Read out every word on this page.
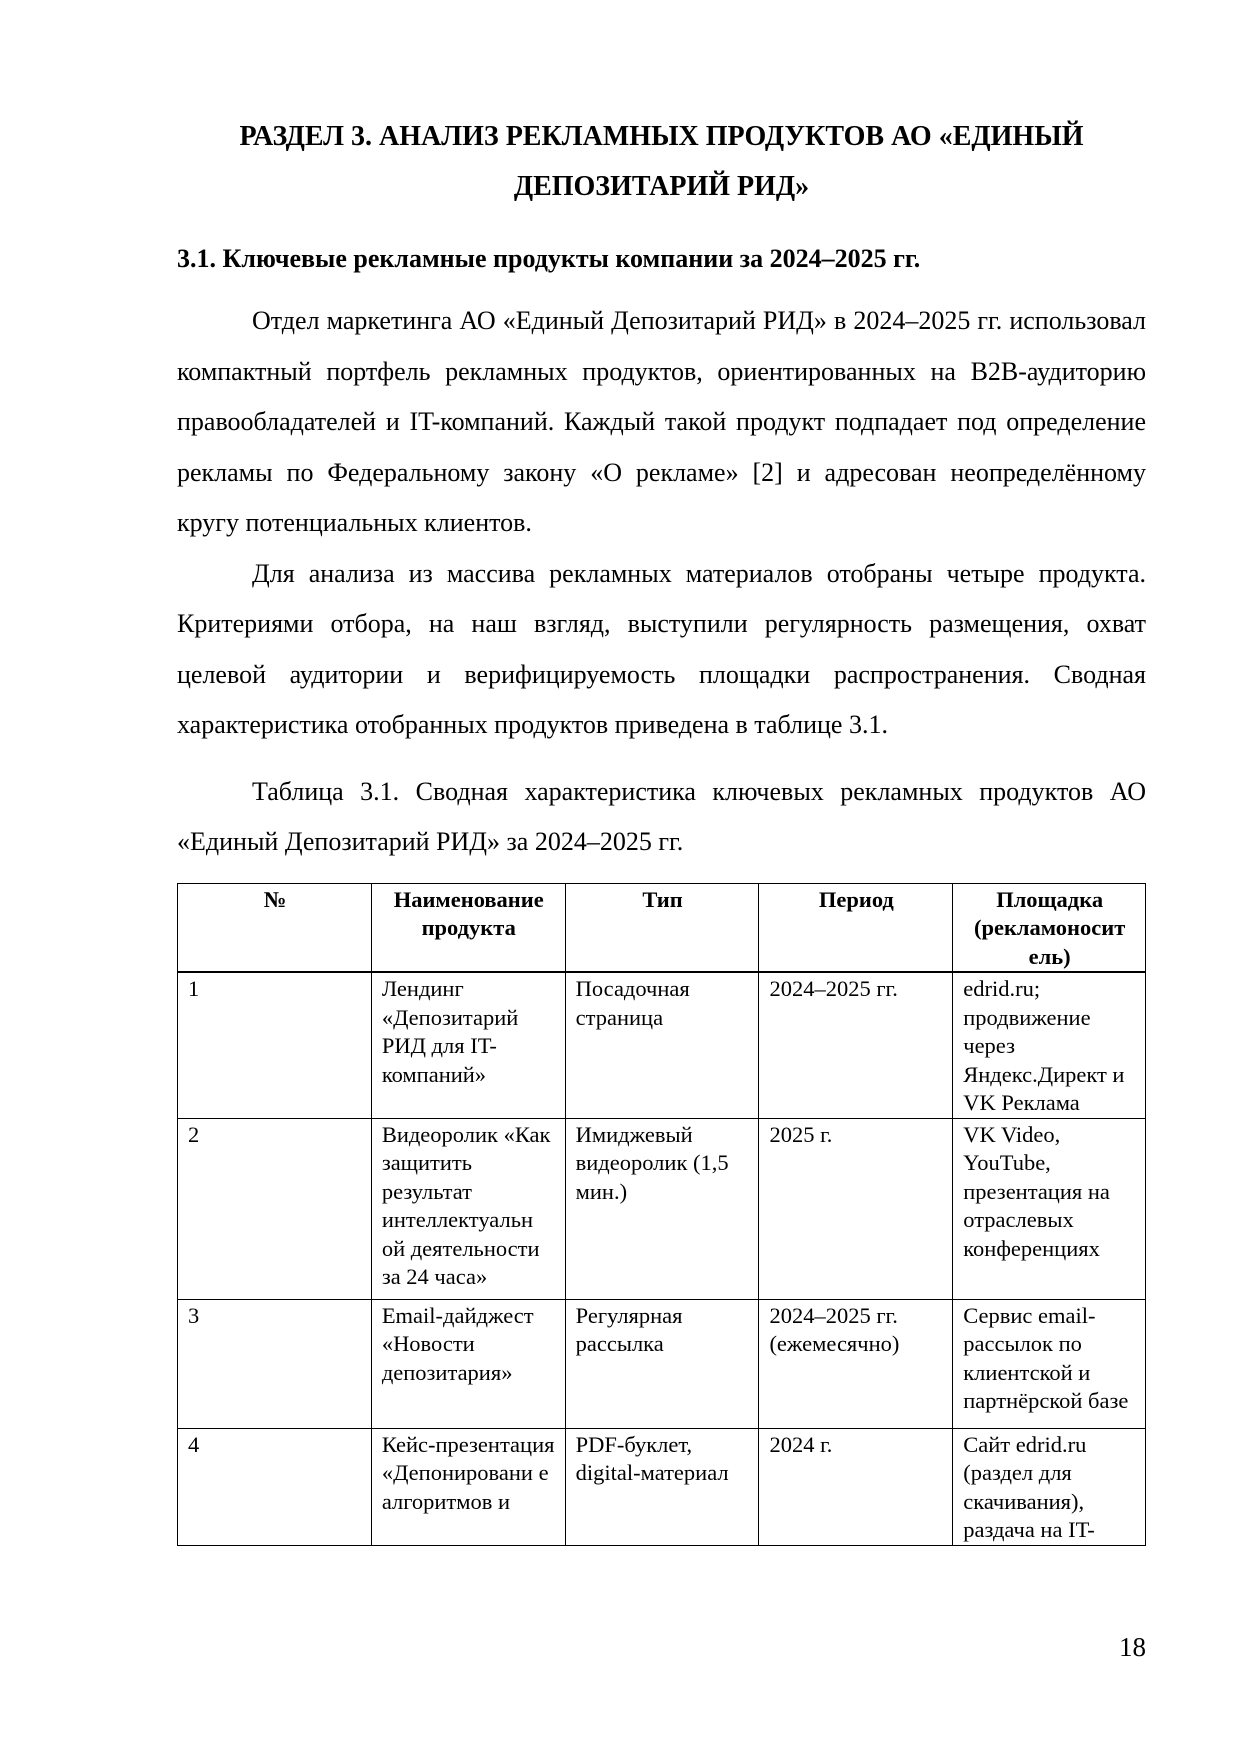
РАЗДЕЛ 3. АНАЛИЗ РЕКЛАМНЫХ ПРОДУКТОВ АО «ЕДИНЫЙ ДЕПОЗИТАРИЙ РИД»
3.1. Ключевые рекламные продукты компании за 2024–2025 гг.

Отдел маркетинга АО «Единый Депозитарий РИД» в 2024–2025 гг. использовал компактный портфель рекламных продуктов, ориентированных на B2B-аудиторию правообладателей и IT-компаний. Каждый такой продукт подпадает под определение рекламы по Федеральному закону «О рекламе» [2] и адресован неопределённому кругу потенциальных клиентов.

Для анализа из массива рекламных материалов отобраны четыре продукта. Критериями отбора, на наш взгляд, выступили регулярность размещения, охват целевой аудитории и верифицируемость площадки распространения. Сводная характеристика отобранных продуктов приведена в таблице 3.1.

Таблица 3.1. Сводная характеристика ключевых рекламных продуктов АО «Единый Депозитарий РИД» за 2024–2025 гг.

№	Наименование продукта	Тип	Период	Площадка (рекламоносит ель)
1	Лендинг «Депозитарий РИД для IT-компаний»	Посадочная страница	2024–2025 гг.	edrid.ru; продвижение через Яндекс.Директ и VK Реклама
2	Видеоролик «Как защитить результат интеллектуальн ой деятельности за 24 часа»	Имиджевый видеоролик (1,5 мин.)	2025 г.	VK Video, YouTube, презентация на отраслевых конференциях
3	Email-дайджест «Новости депозитария»	Регулярная рассылка	2024–2025 гг. (ежемесячно)	Сервис email-рассылок по клиентской и партнёрской базе
4	Кейс-презентация «Депонировани е алгоритмов и	PDF-буклет, digital-материал	2024 г.	Сайт edrid.ru (раздел для скачивания), раздача на IT-
18
